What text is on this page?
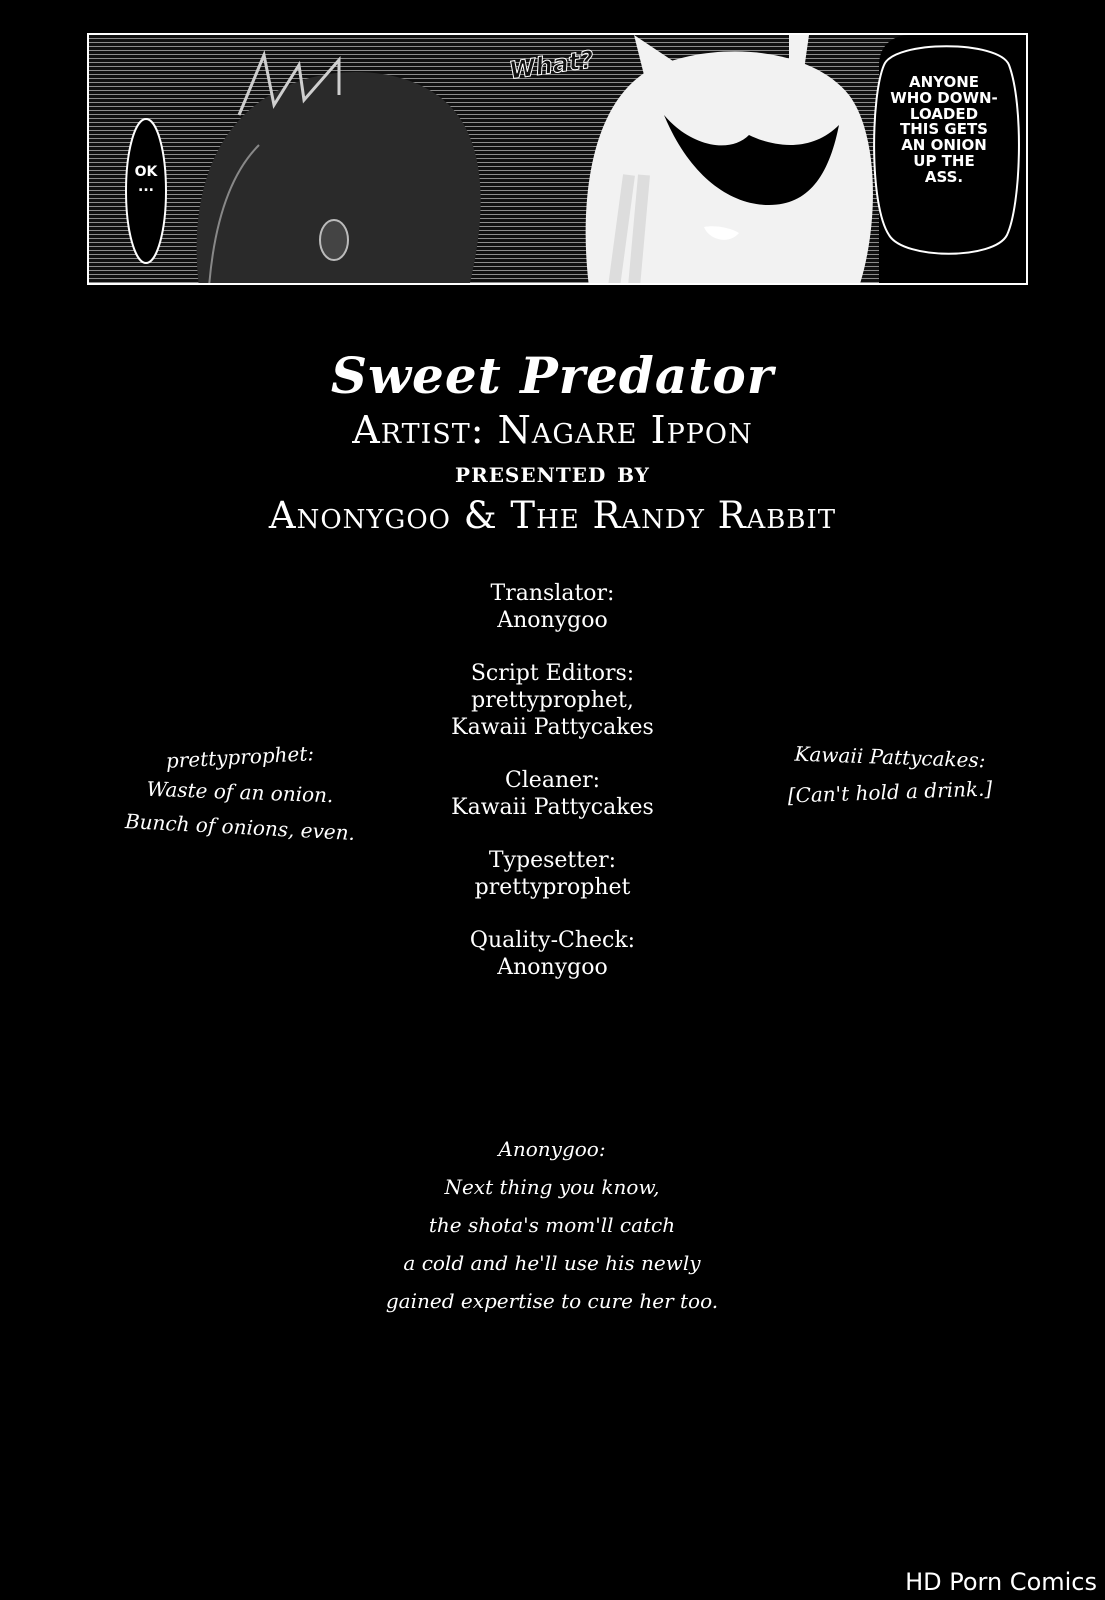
OK
...
What?	ANYONE
WHO DOWN-
LOADED
THIS GETS
AN ONION
UP THE
ASS.
Sweet Predator
Artist: Nagare Ippon
presented by
Anonygoo & The Randy Rabbit
Translator:
Anonygoo
Script Editors:
prettyprophet,
Kawaii Pattycakes
Cleaner:
Kawaii Pattycakes
Typesetter:
prettyprophet
Quality-Check:
Anonygoo
prettyprophet:
Waste of an onion.
Bunch of onions, even.
Kawaii Pattycakes:
[Can't hold a drink.]
Anonygoo:
Next thing you know,
the shota's mom'll catch
a cold and he'll use his newly
gained expertise to cure her too.
HD Porn Comics
